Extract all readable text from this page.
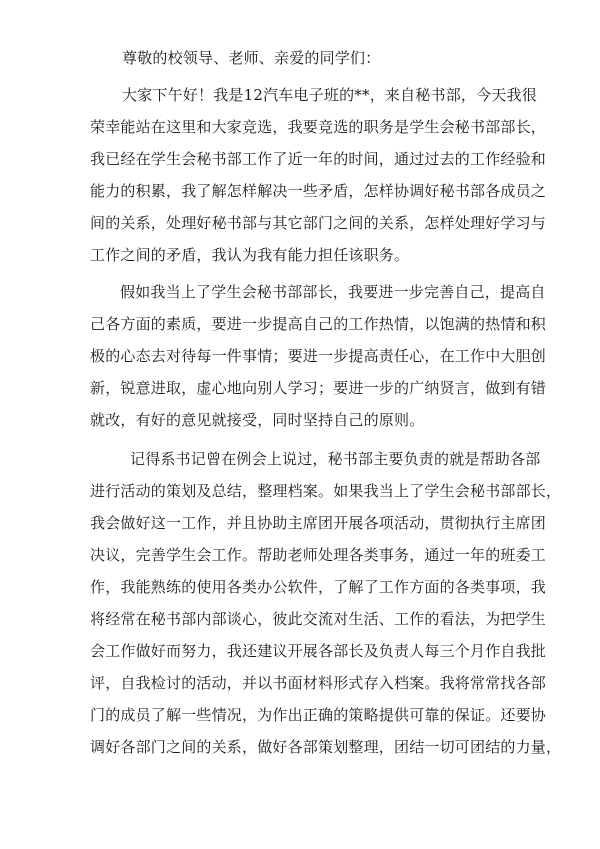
尊敬的校领导、老师、亲爱的同学们：
大家下午好！我是12汽车电子班的**，来自秘书部，今天我很
荣幸能站在这里和大家竞选，我要竞选的职务是学生会秘书部部长，
我已经在学生会秘书部工作了近一年的时间，通过过去的工作经验和
能力的积累，我了解怎样解决一些矛盾，怎样协调好秘书部各成员之
间的关系，处理好秘书部与其它部门之间的关系，怎样处理好学习与
工作之间的矛盾，我认为我有能力担任该职务。
假如我当上了学生会秘书部部长，我要进一步完善自己，提高自
己各方面的素质，要进一步提高自己的工作热情，以饱满的热情和积
极的心态去对待每一件事情；要进一步提高责任心，在工作中大胆创
新，锐意进取，虚心地向别人学习；要进一步的广纳贤言，做到有错
就改，有好的意见就接受，同时坚持自己的原则。
记得系书记曾在例会上说过，秘书部主要负责的就是帮助各部
进行活动的策划及总结，整理档案。如果我当上了学生会秘书部部长，
我会做好这一工作，并且协助主席团开展各项活动，贯彻执行主席团
决议，完善学生会工作。帮助老师处理各类事务，通过一年的班委工
作，我能熟练的使用各类办公软件，了解了工作方面的各类事项，我
将经常在秘书部内部谈心，彼此交流对生活、工作的看法，为把学生
会工作做好而努力，我还建议开展各部长及负责人每三个月作自我批
评，自我检讨的活动，并以书面材料形式存入档案。我将常常找各部
门的成员了解一些情况，为作出正确的策略提供可靠的保证。还要协
调好各部门之间的关系，做好各部策划整理，团结一切可团结的力量，
